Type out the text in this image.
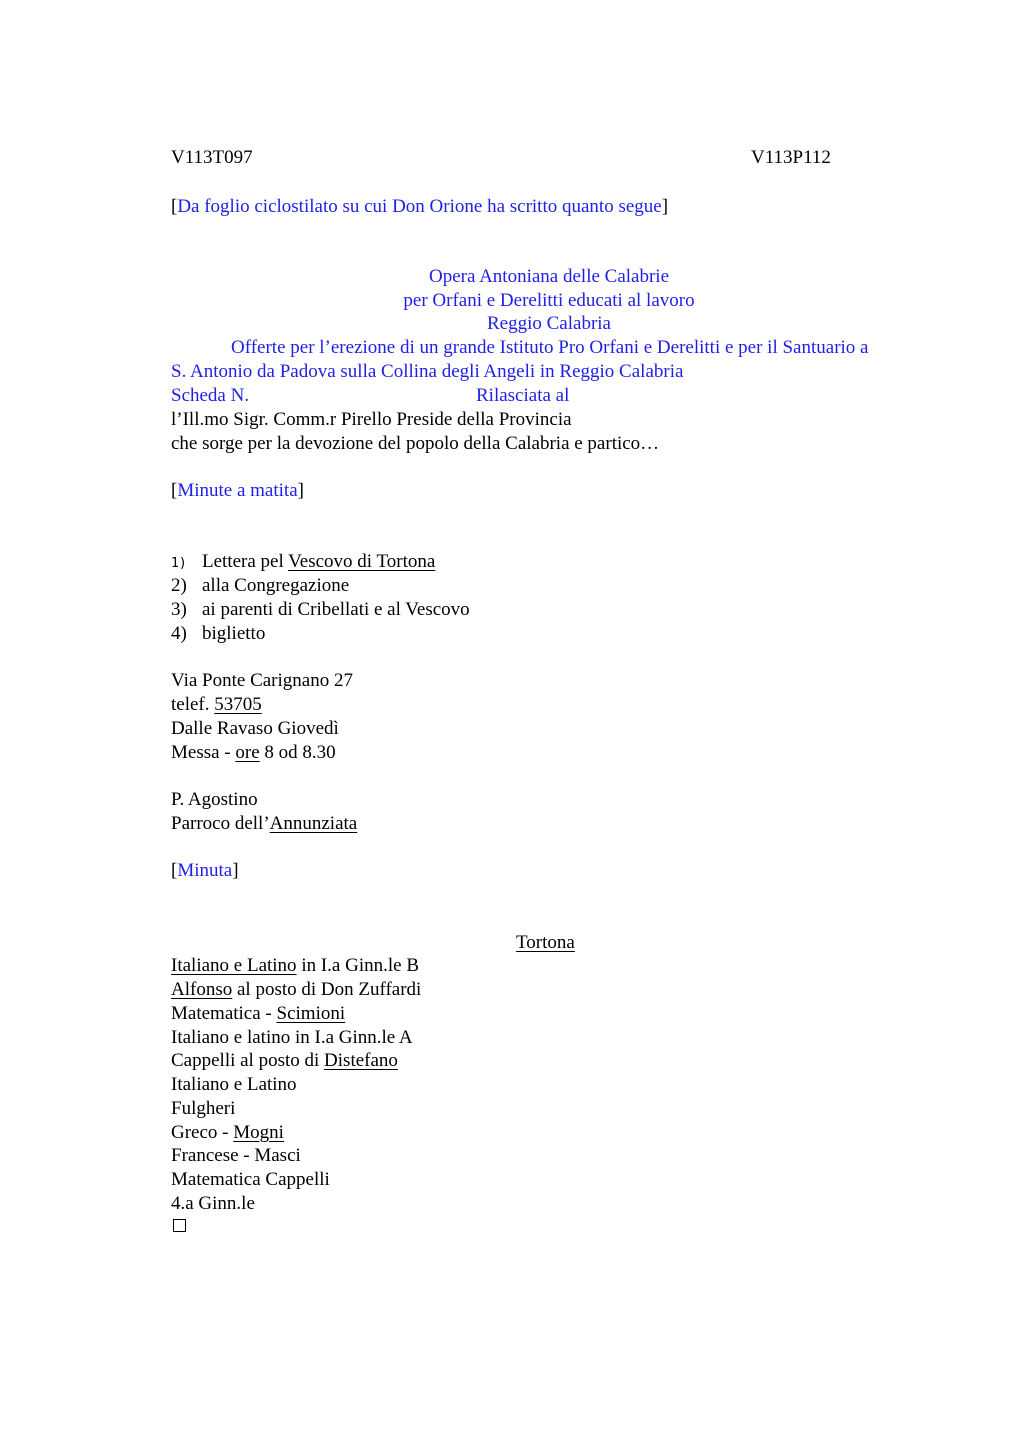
V113T097	V113P112
[Da foglio ciclostilato su cui Don Orione ha scritto quanto segue]
Opera Antoniana delle Calabrie
per Orfani e Derelitti educati al lavoro
Reggio Calabria
Offerte per l’erezione di un grande Istituto Pro Orfani e Derelitti e per il Santuario a
S. Antonio da Padova sulla Collina degli Angeli in Reggio Calabria
Scheda N.	Rilasciata al
l’Ill.mo Sigr. Comm.r Pirello Preside della Provincia
che sorge per la devozione del popolo della Calabria e partico…
[Minute a matita]
1) Lettera pel Vescovo di Tortona
2) alla Congregazione
3) ai parenti di Cribellati e al Vescovo
4) biglietto
Via Ponte Carignano 27
telef. 53705
Dalle Ravaso Giovedì
Messa - ore 8 od 8.30
P. Agostino
Parroco dell’Annunziata
[Minuta]
Tortona
Italiano e Latino in I.a Ginn.le B
Alfonso al posto di Don Zuffardi
Matematica - Scimioni
Italiano e latino in I.a Ginn.le A
Cappelli al posto di Distefano
Italiano e Latino
Fulgheri
Greco - Mogni
Francese - Masci
Matematica Cappelli
4.a Ginn.le
